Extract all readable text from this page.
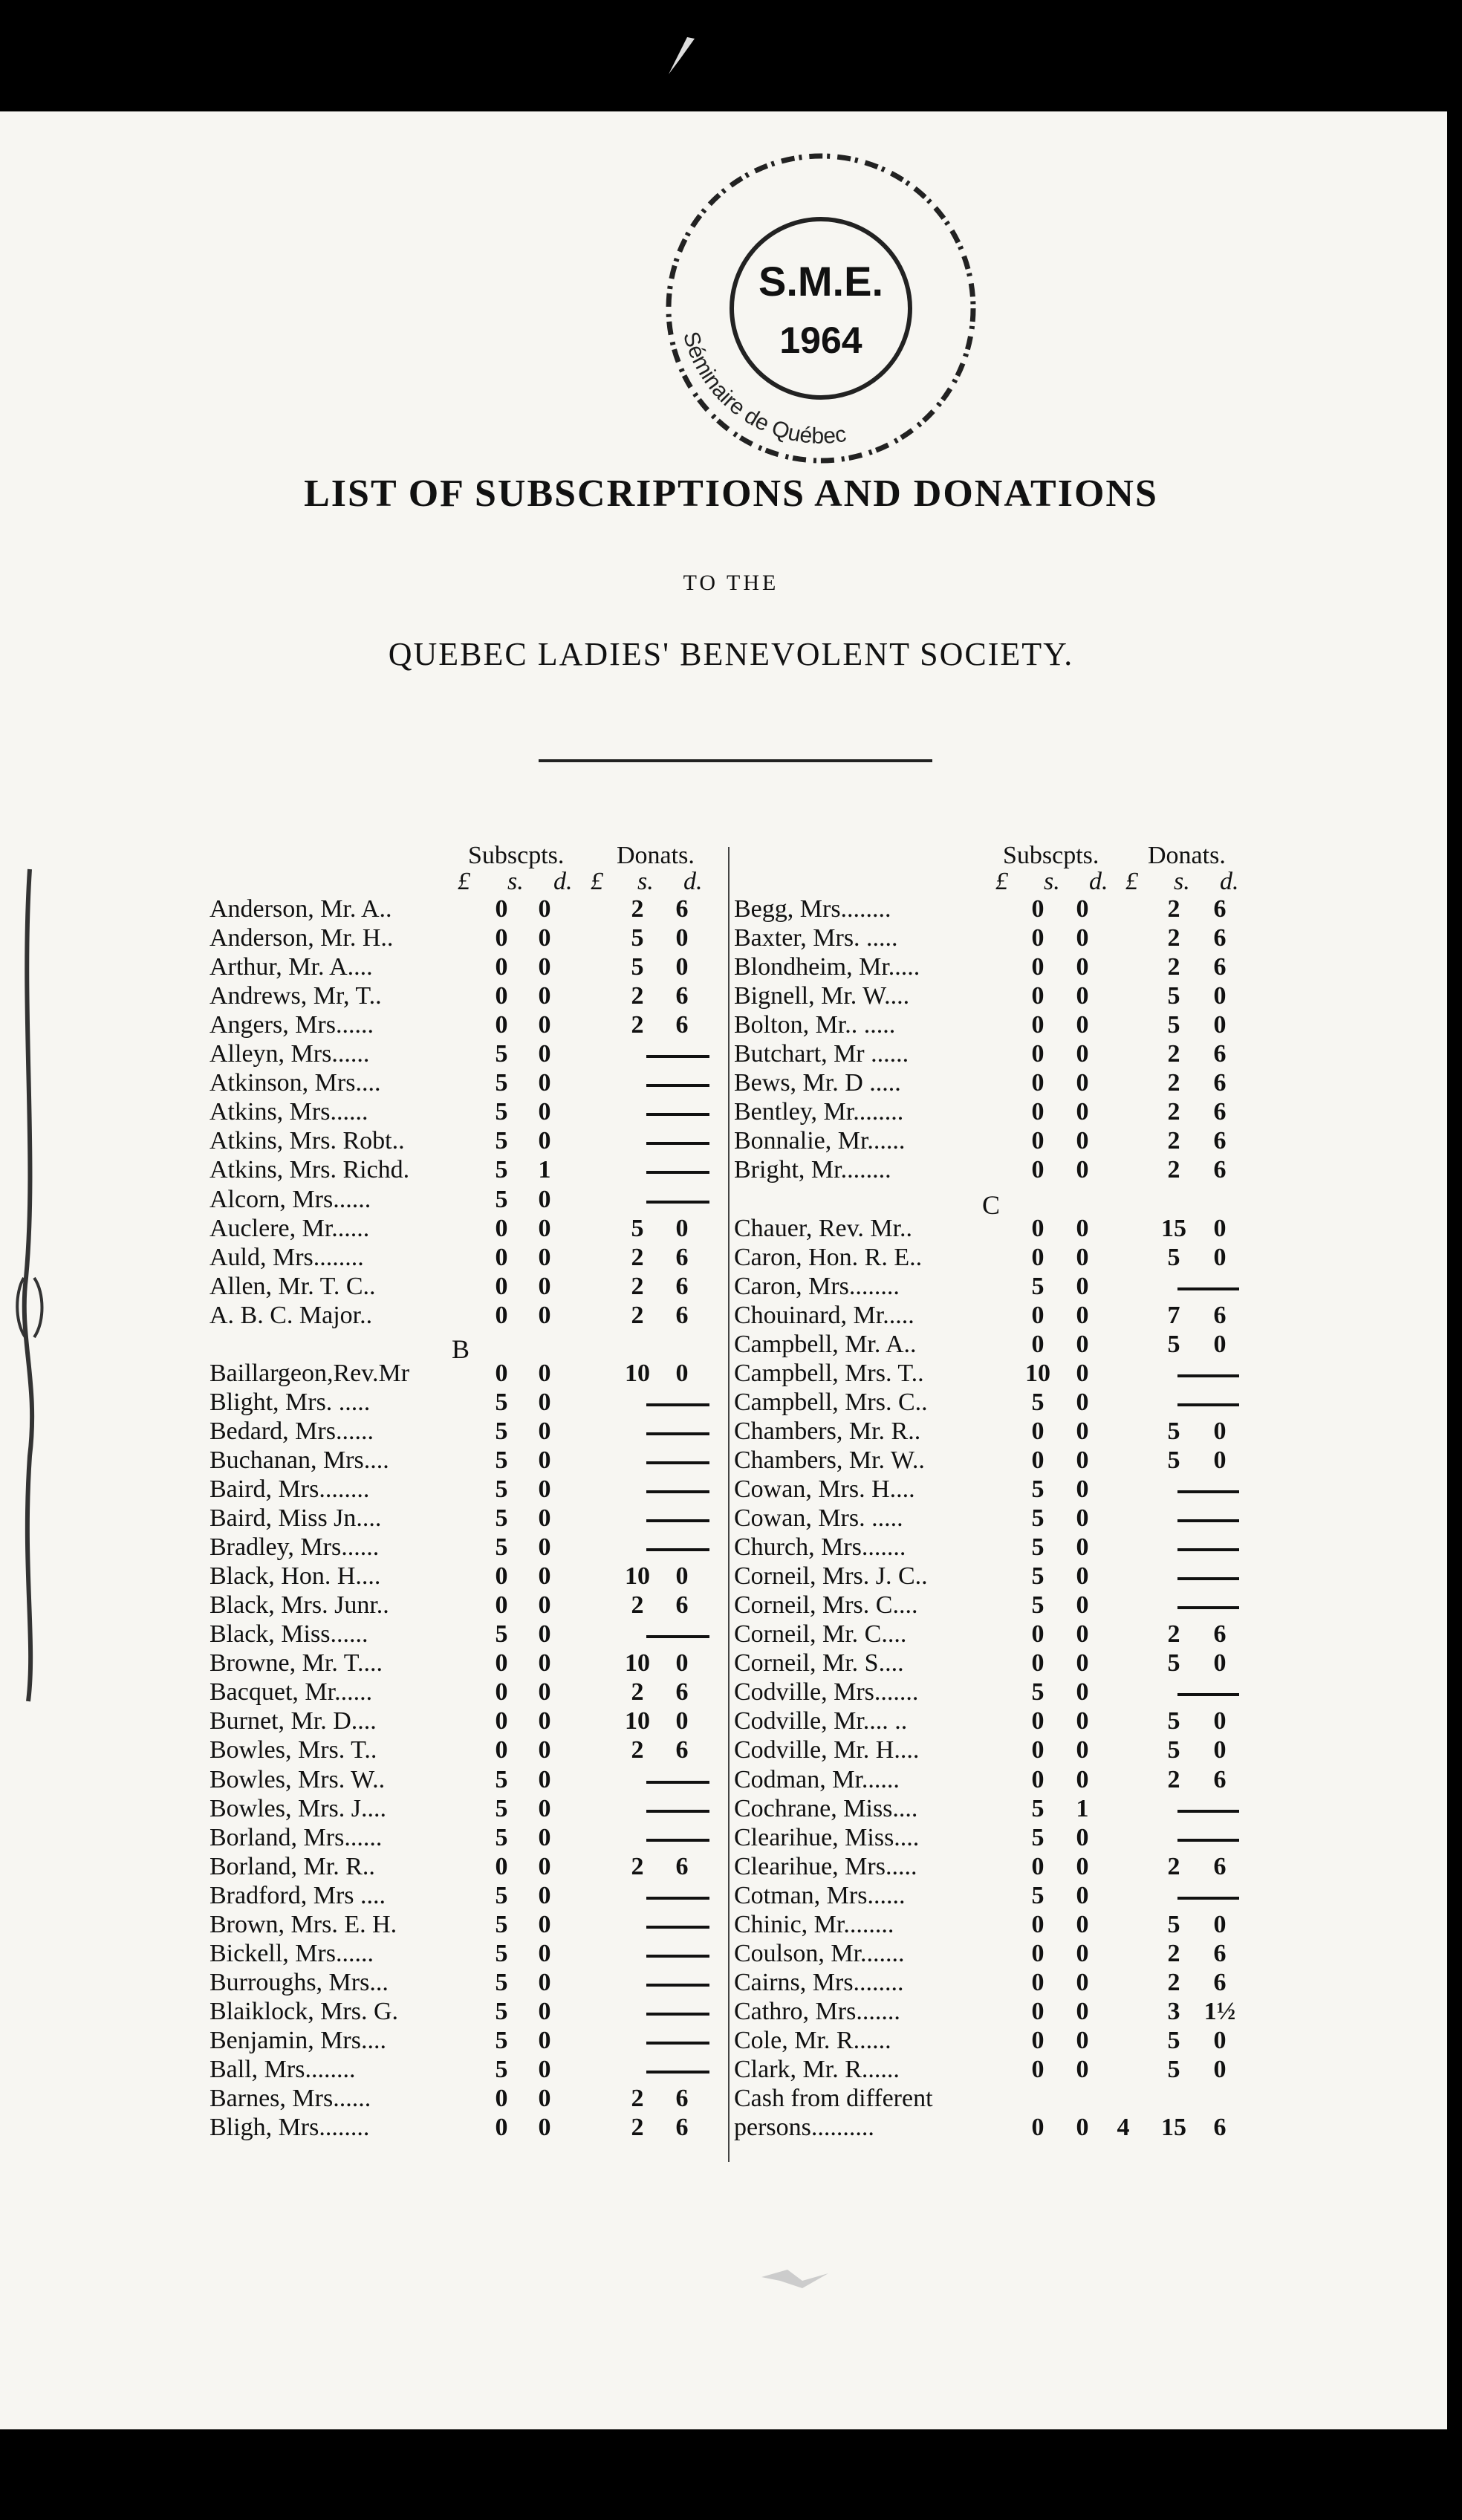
S.M.E.
1964
Séminaire de Québec
LIST OF SUBSCRIPTIONS AND DONATIONS
TO THE
QUEBEC LADIES' BENEVOLENT SOCIETY.
Subscpts. Donats.
£ s. d. £ s. d.
Subscpts. Donats.
£ s. d. £ s. d.
B
C
Anderson, Mr. A..	0	0	2	6
Anderson, Mr. H..	0	0	5	0
Arthur, Mr. A....	0	0	5	0
Andrews, Mr, T..	0	0	2	6
Angers, Mrs......	0	0	2	6
Alleyn, Mrs......	5	0
Atkinson, Mrs....	5	0
Atkins, Mrs......	5	0
Atkins, Mrs. Robt..	5	0
Atkins, Mrs. Richd.	5	1
Alcorn, Mrs......	5	0
Auclere, Mr......	0	0	5	0
Auld, Mrs........	0	0	2	6
Allen, Mr. T. C..	0	0	2	6
A. B. C. Major..	0	0	2	6
Baillargeon,Rev.Mr	0	0	10	0
Blight, Mrs. .....	5	0
Bedard, Mrs......	5	0
Buchanan, Mrs....	5	0
Baird, Mrs........	5	0
Baird, Miss Jn....	5	0
Bradley, Mrs......	5	0
Black, Hon. H....	0	0	10	0
Black, Mrs. Junr..	0	0	2	6
Black, Miss......	5	0
Browne, Mr. T....	0	0	10	0
Bacquet, Mr......	0	0	2	6
Burnet, Mr. D....	0	0	10	0
Bowles, Mrs. T..	0	0	2	6
Bowles, Mrs. W..	5	0
Bowles, Mrs. J....	5	0
Borland, Mrs......	5	0
Borland, Mr. R..	0	0	2	6
Bradford, Mrs ....	5	0
Brown, Mrs. E. H.	5	0
Bickell, Mrs......	5	0
Burroughs, Mrs...	5	0
Blaiklock, Mrs. G.	5	0
Benjamin, Mrs....	5	0
Ball, Mrs........	5	0
Barnes, Mrs......	0	0	2	6
Bligh, Mrs........	0	0	2	6
Begg, Mrs........	0	0	2	6
Baxter, Mrs. .....	0	0	2	6
Blondheim, Mr.....	0	0	2	6
Bignell, Mr. W....	0	0	5	0
Bolton, Mr.. .....	0	0	5	0
Butchart, Mr ......	0	0	2	6
Bews, Mr. D .....	0	0	2	6
Bentley, Mr........	0	0	2	6
Bonnalie, Mr......	0	0	2	6
Bright, Mr........	0	0	2	6
Chauer, Rev. Mr..	0	0	15	0
Caron, Hon. R. E..	0	0	5	0
Caron, Mrs........	5	0
Chouinard, Mr.....	0	0	7	6
Campbell, Mr. A..	0	0	5	0
Campbell, Mrs. T..	10	0
Campbell, Mrs. C..	5	0
Chambers, Mr. R..	0	0	5	0
Chambers, Mr. W..	0	0	5	0
Cowan, Mrs. H....	5	0
Cowan, Mrs. .....	5	0
Church, Mrs.......	5	0
Corneil, Mrs. J. C..	5	0
Corneil, Mrs. C....	5	0
Corneil, Mr. C....	0	0	2	6
Corneil, Mr. S....	0	0	5	0
Codville, Mrs.......	5	0
Codville, Mr.... ..	0	0	5	0
Codville, Mr. H....	0	0	5	0
Codman, Mr......	0	0	2	6
Cochrane, Miss....	5	1
Clearihue, Miss....	5	0
Clearihue, Mrs.....	0	0	2	6
Cotman, Mrs......	5	0
Chinic, Mr........	0	0	5	0
Coulson, Mr.......	0	0	2	6
Cairns, Mrs........	0	0	2	6
Cathro, Mrs.......	0	0	3 1½
Cole, Mr. R......	0	0	5	0
Clark, Mr. R......	0	0	5	0
Cash from different
persons..........	0	0	4	15	6
